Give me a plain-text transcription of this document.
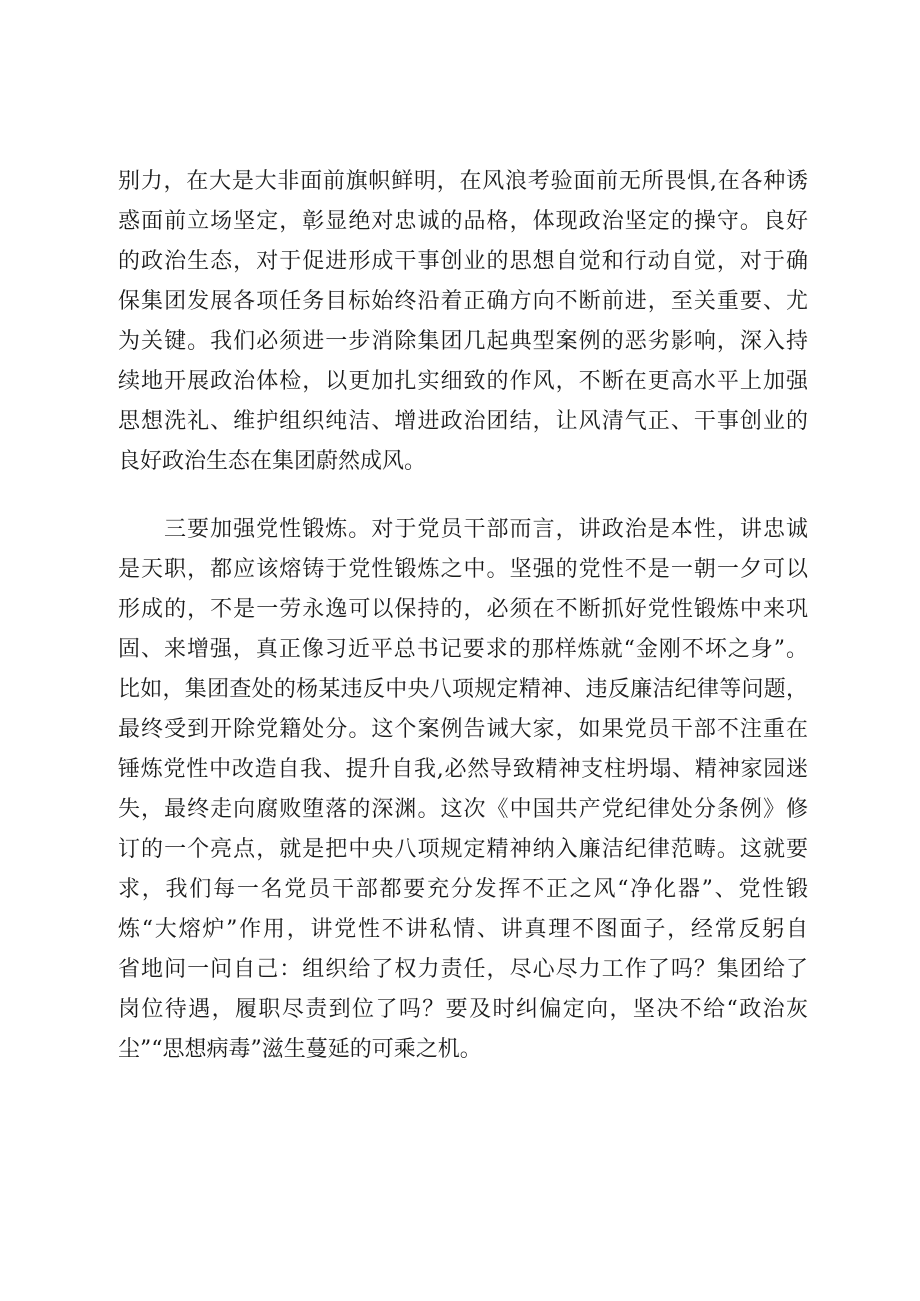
别力，在大是大非面前旗帜鲜明，在风浪考验面前无所畏惧,在各种诱
惑面前立场坚定，彰显绝对忠诚的品格，体现政治坚定的操守。良好
的政治生态，对于促进形成干事创业的思想自觉和行动自觉，对于确
保集团发展各项任务目标始终沿着正确方向不断前进，至关重要、尤
为关键。我们必须进一步消除集团几起典型案例的恶劣影响，深入持
续地开展政治体检，以更加扎实细致的作风，不断在更高水平上加强
思想洗礼、维护组织纯洁、增进政治团结，让风清气正、干事创业的
良好政治生态在集团蔚然成风。
三要加强党性锻炼。对于党员干部而言，讲政治是本性，讲忠诚
是天职，都应该熔铸于党性锻炼之中。坚强的党性不是一朝一夕可以
形成的，不是一劳永逸可以保持的，必须在不断抓好党性锻炼中来巩
固、来增强，真正像习近平总书记要求的那样炼就“金刚不坏之身”。
比如，集团查处的杨某违反中央八项规定精神、违反廉洁纪律等问题，
最终受到开除党籍处分。这个案例告诫大家，如果党员干部不注重在
锤炼党性中改造自我、提升自我,必然导致精神支柱坍塌、精神家园迷
失，最终走向腐败堕落的深渊。这次《中国共产党纪律处分条例》修
订的一个亮点，就是把中央八项规定精神纳入廉洁纪律范畴。这就要
求，我们每一名党员干部都要充分发挥不正之风“净化器”、党性锻
炼“大熔炉”作用，讲党性不讲私情、讲真理不图面子，经常反躬自
省地问一问自己：组织给了权力责任，尽心尽力工作了吗？集团给了
岗位待遇，履职尽责到位了吗？要及时纠偏定向，坚决不给“政治灰
尘”“思想病毒”滋生蔓延的可乘之机。
